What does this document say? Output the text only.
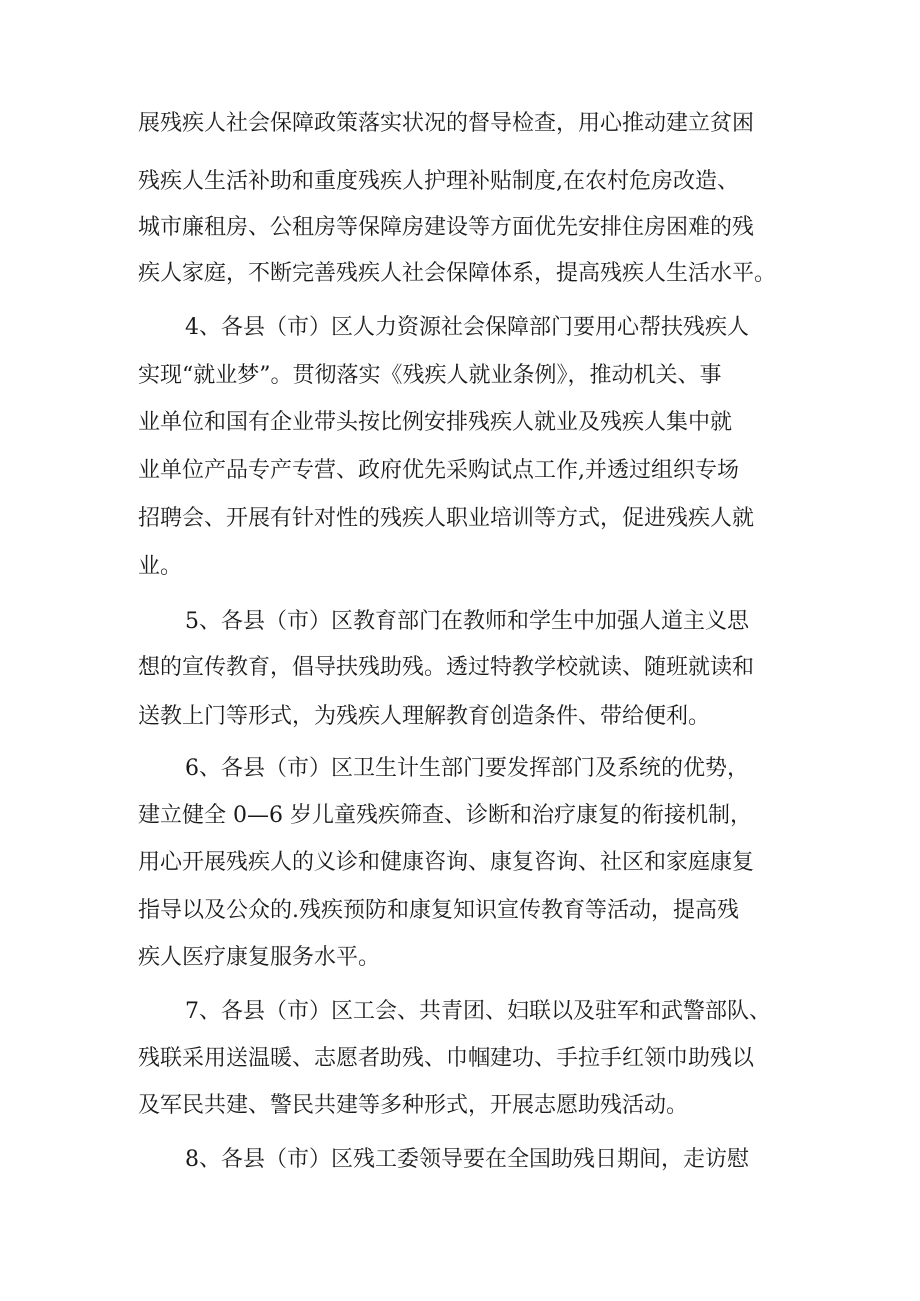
展残疾人社会保障政策落实状况的督导检查，用心推动建立贫困
残疾人生活补助和重度残疾人护理补贴制度,在农村危房改造、
城市廉租房、公租房等保障房建设等方面优先安排住房困难的残
疾人家庭，不断完善残疾人社会保障体系，提高残疾人生活水平。
4、各县（市）区人力资源社会保障部门要用心帮扶残疾人
实现“就业梦”。贯彻落实《残疾人就业条例》，推动机关、事
业单位和国有企业带头按比例安排残疾人就业及残疾人集中就
业单位产品专产专营、政府优先采购试点工作,并透过组织专场
招聘会、开展有针对性的残疾人职业培训等方式，促进残疾人就
业。
5、各县（市）区教育部门在教师和学生中加强人道主义思
想的宣传教育，倡导扶残助残。透过特教学校就读、随班就读和
送教上门等形式，为残疾人理解教育创造条件、带给便利。
6、各县（市）区卫生计生部门要发挥部门及系统的优势，
建立健全 0—6 岁儿童残疾筛查、诊断和治疗康复的衔接机制，
用心开展残疾人的义诊和健康咨询、康复咨询、社区和家庭康复
指导以及公众的.残疾预防和康复知识宣传教育等活动，提高残
疾人医疗康复服务水平。
7、各县（市）区工会、共青团、妇联以及驻军和武警部队、
残联采用送温暖、志愿者助残、巾帼建功、手拉手红领巾助残以
及军民共建、警民共建等多种形式，开展志愿助残活动。
8、各县（市）区残工委领导要在全国助残日期间，走访慰
